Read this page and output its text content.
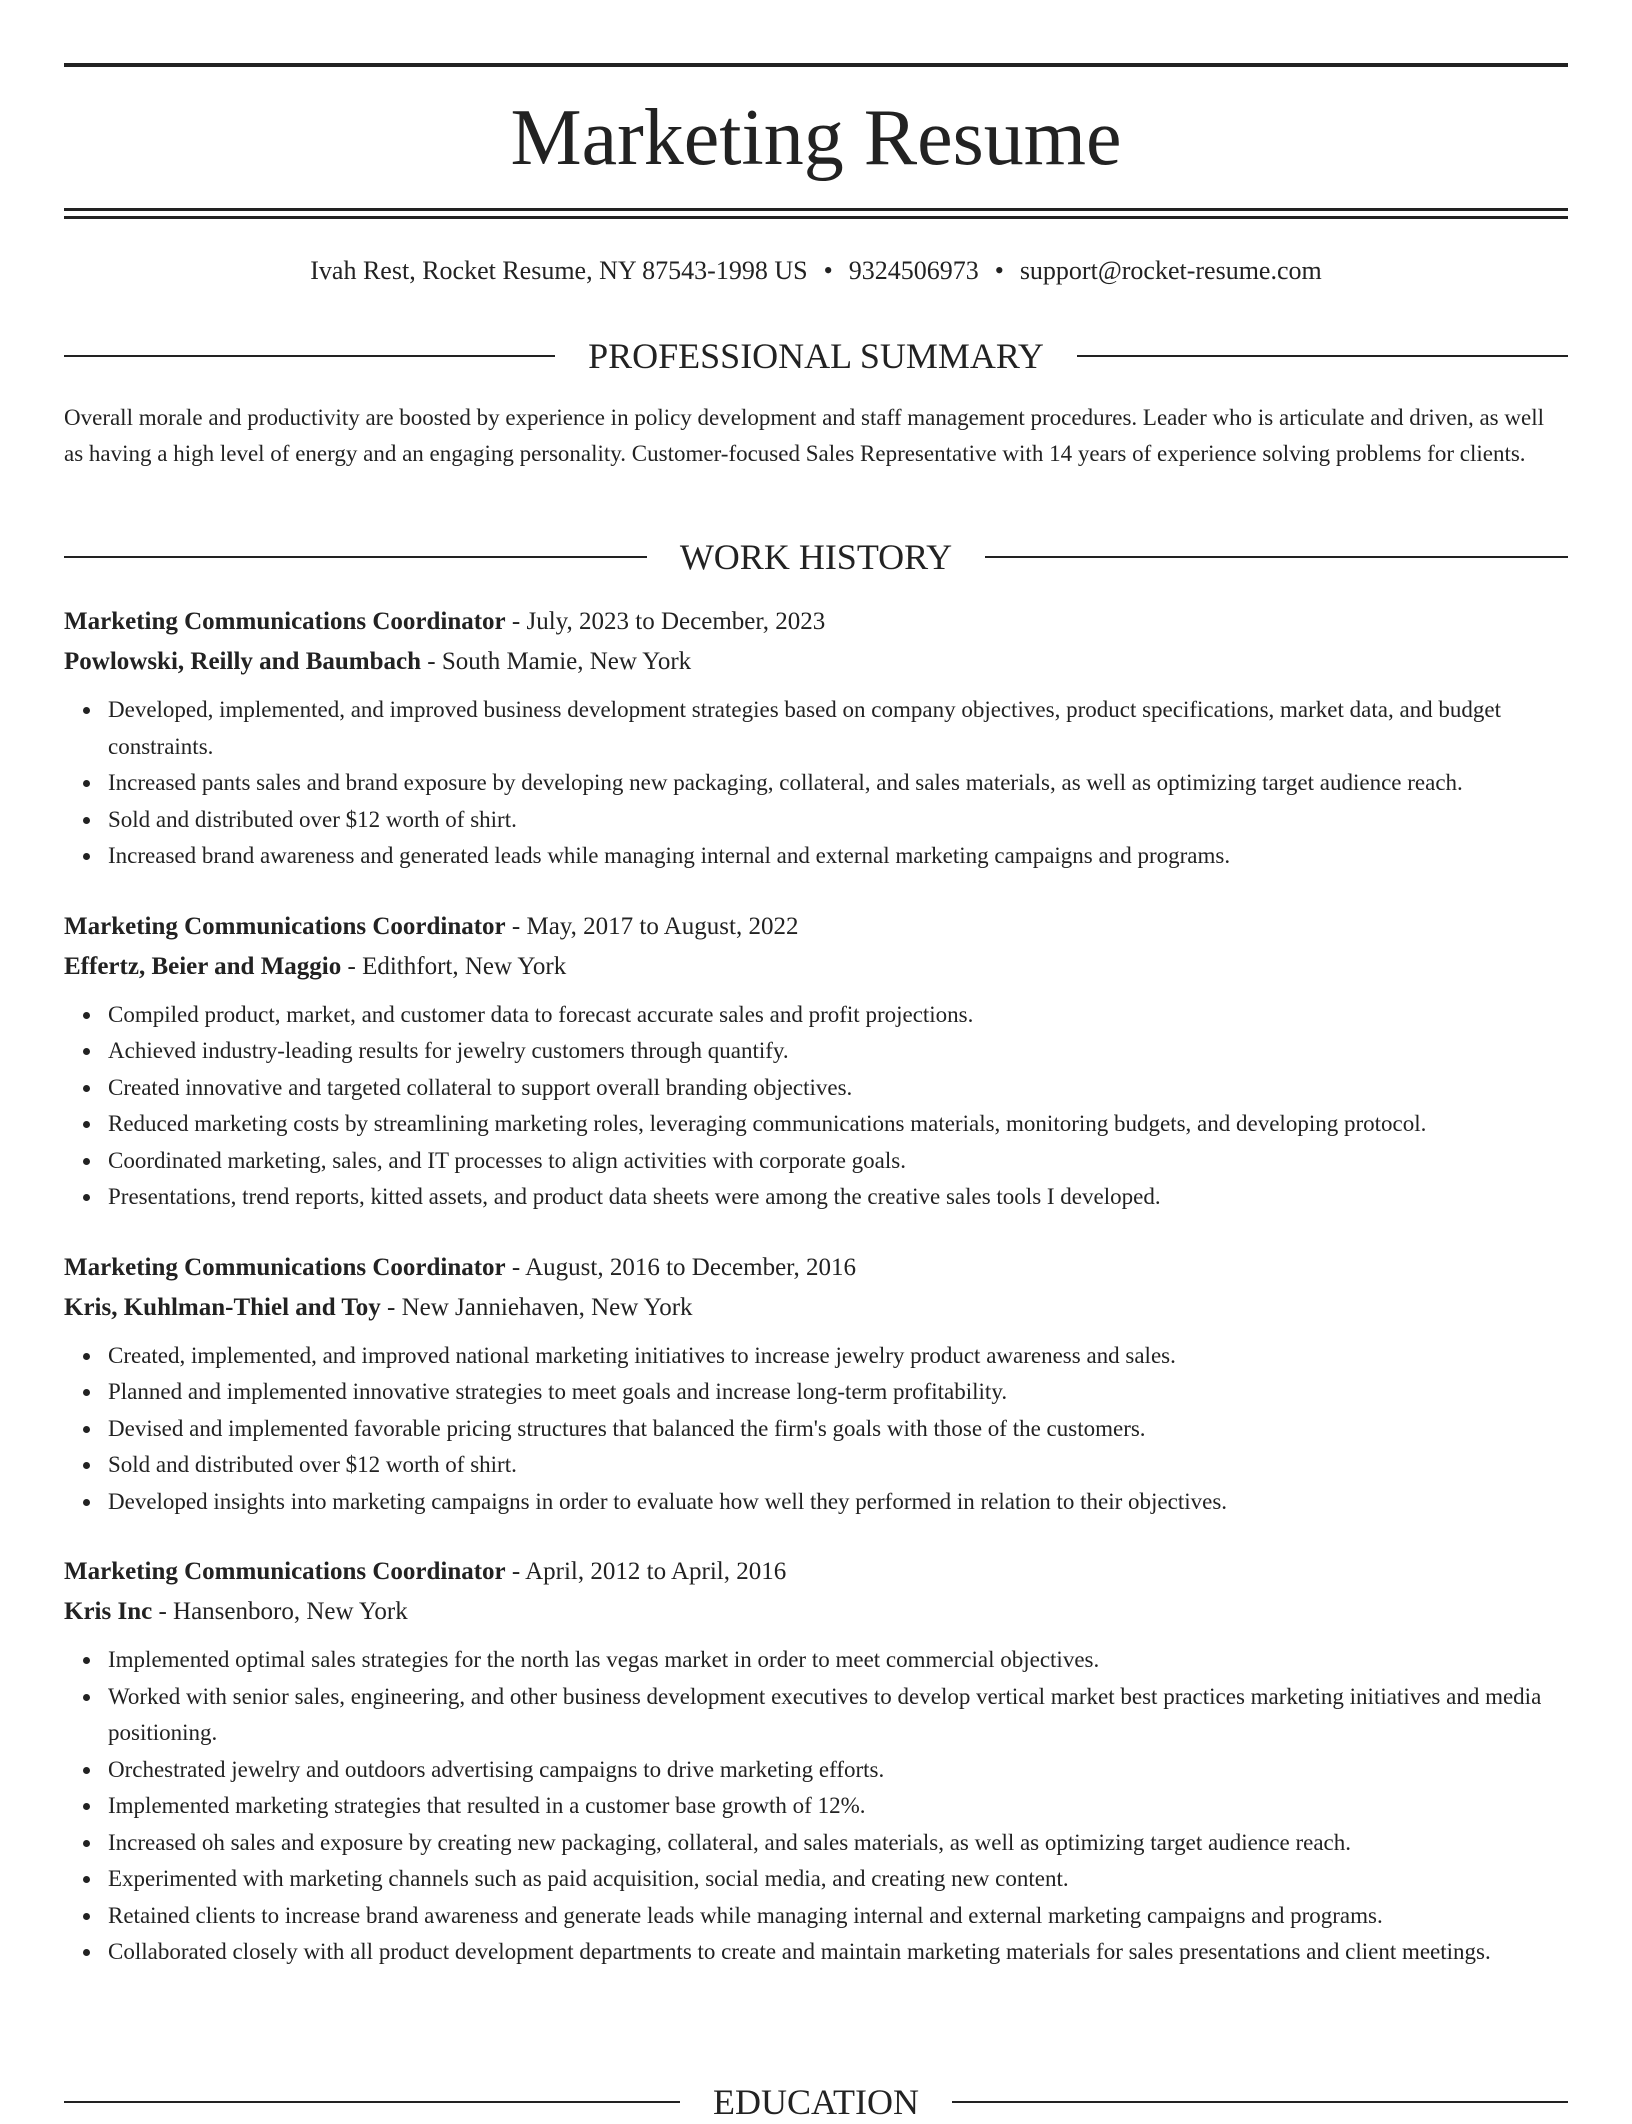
Marketing Resume
Ivah Rest, Rocket Resume, NY 87543-1998 US • 9324506973 • support@rocket-resume.com
PROFESSIONAL SUMMARY

Overall morale and productivity are boosted by experience in policy development and staff management procedures. Leader who is articulate and driven, as well as having a high level of energy and an engaging personality. Customer-focused Sales Representative with 14 years of experience solving problems for clients.

WORK HISTORY

Marketing Communications Coordinator - July, 2023 to December, 2023

Powlowski, Reilly and Baumbach - South Mamie, New York

Developed, implemented, and improved business development strategies based on company objectives, product specifications, market data, and budget constraints.
Increased pants sales and brand exposure by developing new packaging, collateral, and sales materials, as well as optimizing target audience reach.
Sold and distributed over $12 worth of shirt.
Increased brand awareness and generated leads while managing internal and external marketing campaigns and programs.

Marketing Communications Coordinator - May, 2017 to August, 2022

Effertz, Beier and Maggio - Edithfort, New York

Compiled product, market, and customer data to forecast accurate sales and profit projections.
Achieved industry-leading results for jewelry customers through quantify.
Created innovative and targeted collateral to support overall branding objectives.
Reduced marketing costs by streamlining marketing roles, leveraging communications materials, monitoring budgets, and developing protocol.
Coordinated marketing, sales, and IT processes to align activities with corporate goals.
Presentations, trend reports, kitted assets, and product data sheets were among the creative sales tools I developed.

Marketing Communications Coordinator - August, 2016 to December, 2016

Kris, Kuhlman-Thiel and Toy - New Janniehaven, New York

Created, implemented, and improved national marketing initiatives to increase jewelry product awareness and sales.
Planned and implemented innovative strategies to meet goals and increase long-term profitability.
Devised and implemented favorable pricing structures that balanced the firm's goals with those of the customers.
Sold and distributed over $12 worth of shirt.
Developed insights into marketing campaigns in order to evaluate how well they performed in relation to their objectives.

Marketing Communications Coordinator - April, 2012 to April, 2016

Kris Inc - Hansenboro, New York

Implemented optimal sales strategies for the north las vegas market in order to meet commercial objectives.
Worked with senior sales, engineering, and other business development executives to develop vertical market best practices marketing initiatives and media positioning.
Orchestrated jewelry and outdoors advertising campaigns to drive marketing efforts.
Implemented marketing strategies that resulted in a customer base growth of 12%.
Increased oh sales and exposure by creating new packaging, collateral, and sales materials, as well as optimizing target audience reach.
Experimented with marketing channels such as paid acquisition, social media, and creating new content.
Retained clients to increase brand awareness and generate leads while managing internal and external marketing campaigns and programs.
Collaborated closely with all product development departments to create and maintain marketing materials for sales presentations and client meetings.
EDUCATION
